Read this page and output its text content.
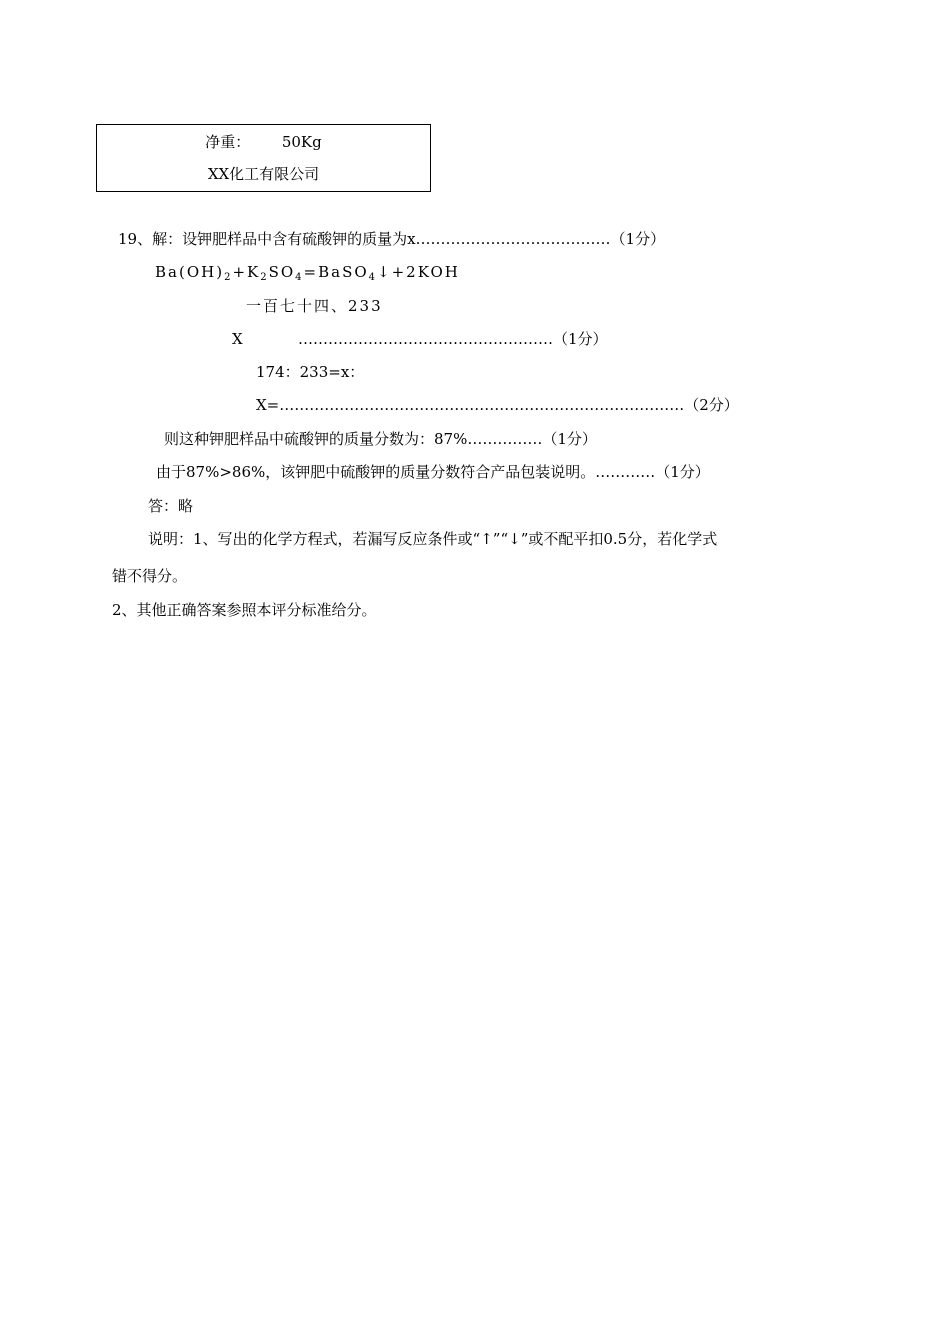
净重： 50Kg
XX化工有限公司
19、解：设钾肥样品中含有硫酸钾的质量为x…………………………………（1分）
$Ba(OH)_2+K_2SO_4=BaSO_4↓+2KOH$
一百七十四、233
X	……………………………………………（1分）
174：233=x：
X=………………………………………………………………………（2分）
则这种钾肥样品中硫酸钾的质量分数为：87%……………（1分）
由于87%>86%，该钾肥中硫酸钾的质量分数符合产品包装说明。…………（1分）
答：略
说明：1、写出的化学方程式，若漏写反应条件或“↑”“↓”或不配平扣0.5分，若化学式
错不得分。
2、其他正确答案参照本评分标准给分。
